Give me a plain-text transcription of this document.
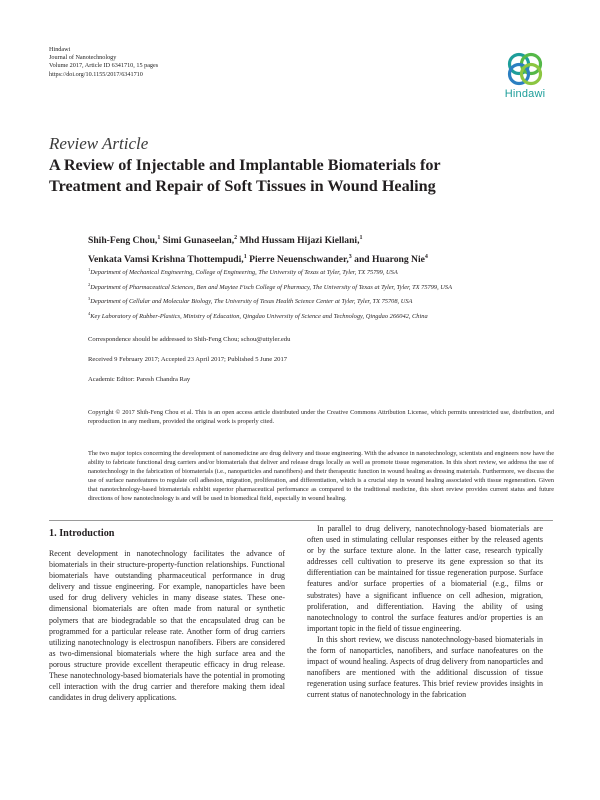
Hindawi
Journal of Nanotechnology
Volume 2017, Article ID 6341710, 15 pages
https://doi.org/10.1155/2017/6341710
Hindawi
Review Article
A Review of Injectable and Implantable Biomaterials for
Treatment and Repair of Soft Tissues in Wound Healing
Shih-Feng Chou,$^1$ Simi Gunaseelan,$^2$ Mhd Hussam Hijazi Kiellani,$^1$
Venkata Vamsi Krishna Thottempudi,$^1$ Pierre Neuenschwander,$^3$ and Huarong Nie$^4$

$^1$Department of Mechanical Engineering, College of Engineering, The University of Texas at Tyler, Tyler, TX 75799, USA

$^2$Department of Pharmaceutical Sciences, Ben and Maytee Fisch College of Pharmacy, The University of Texas at Tyler, Tyler, TX 75799, USA

$^3$Department of Cellular and Molecular Biology, The University of Texas Health Science Center at Tyler, Tyler, TX 75708, USA

$^4$Key Laboratory of Rubber-Plastics, Ministry of Education, Qingdao University of Science and Technology, Qingdao 266042, China

Correspondence should be addressed to Shih-Feng Chou; schou@uttyler.edu
Received 9 February 2017; Accepted 23 April 2017; Published 5 June 2017
Academic Editor: Paresh Chandra Ray
Copyright © 2017 Shih-Feng Chou et al. This is an open access article distributed under the Creative Commons Attribution License, which permits unrestricted use, distribution, and reproduction in any medium, provided the original work is properly cited.
The two major topics concerning the development of nanomedicine are drug delivery and tissue engineering. With the advance in nanotechnology, scientists and engineers now have the ability to fabricate functional drug carriers and/or biomaterials that deliver and release drugs locally as well as promote tissue regeneration. In this short review, we address the use of nanotechnology in the fabrication of biomaterials (i.e., nanoparticles and nanofibers) and their therapeutic function in wound healing as dressing materials. Furthermore, we discuss the use of surface nanofeatures to regulate cell adhesion, migration, proliferation, and differentiation, which is a crucial step in wound healing associated with tissue regeneration. Given that nanotechnology-based biomaterials exhibit superior pharmaceutical performance as compared to the traditional medicine, this short review provides current status and future directions of how nanotechnology is and will be used in biomedical field, especially in wound healing.
1. Introduction

Recent development in nanotechnology facilitates the advance of biomaterials in their structure-property-function relationships. Functional biomaterials have outstanding pharmaceutical performance in drug delivery and tissue engineering. For example, nanoparticles have been used for drug delivery vehicles in many disease states. These one-dimensional biomaterials are often made from natural or synthetic polymers that are biodegradable so that the encapsulated drug can be programmed for a particular release rate. Another form of drug carriers utilizing nanotechnology is electrospun nanofibers. Fibers are considered as two-dimensional biomaterials where the high surface area and the porous structure provide excellent therapeutic efficacy in drug release. These nanotechnology-based biomaterials have the potential in promoting cell interaction with the drug carrier and therefore making them ideal candidates in drug delivery applications.

In parallel to drug delivery, nanotechnology-based biomaterials are often used in stimulating cellular responses either by the released agents or by the surface texture alone. In the latter case, research typically addresses cell cultivation to preserve its gene expression so that its differentiation can be maintained for tissue regeneration purpose. Surface features and/or surface properties of a biomaterial (e.g., films or substrates) have a significant influence on cell adhesion, migration, proliferation, and differentiation. Having the ability of using nanotechnology to control the surface features and/or properties is an important topic in the field of tissue engineering.

In this short review, we discuss nanotechnology-based biomaterials in the form of nanoparticles, nanofibers, and surface nanofeatures on the impact of wound healing. Aspects of drug delivery from nanoparticles and nanofibers are mentioned with the additional discussion of tissue regeneration using surface features. This brief review provides insights in current status of nanotechnology in the fabrication
